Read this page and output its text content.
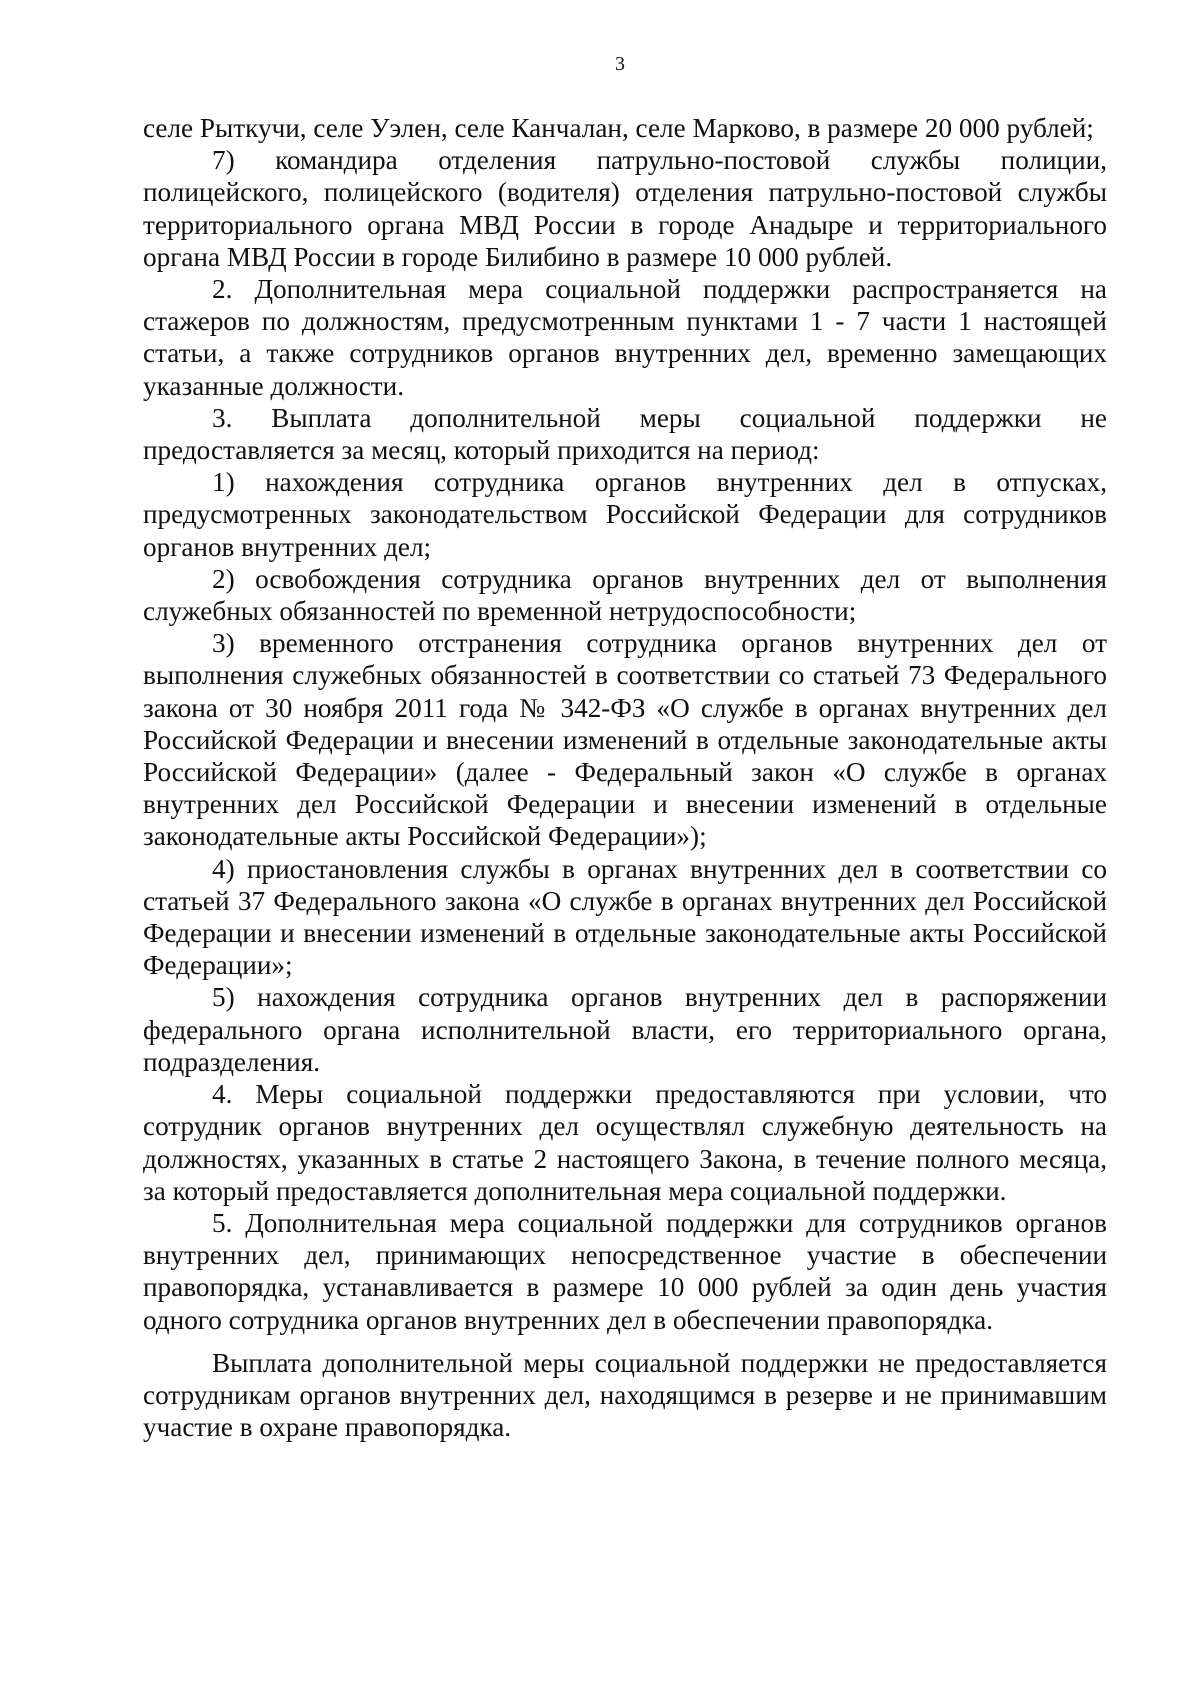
3

селе Рыткучи, селе Уэлен, селе Канчалан, селе Марково, в размере 20 000 рублей;

7) командира отделения патрульно-постовой службы полиции, полицейского, полицейского (водителя) отделения патрульно-постовой службы территориального органа МВД России в городе Анадыре и территориального органа МВД России в городе Билибино в размере 10 000 рублей.

2. Дополнительная мера социальной поддержки распространяется на стажеров по должностям, предусмотренным пунктами 1 - 7 части 1 настоящей статьи, а также сотрудников органов внутренних дел, временно замещающих указанные должности.

3. Выплата дополнительной меры социальной поддержки не предоставляется за месяц, который приходится на период:

1) нахождения сотрудника органов внутренних дел в отпусках, предусмотренных законодательством Российской Федерации для сотрудников органов внутренних дел;

2) освобождения сотрудника органов внутренних дел от выполнения служебных обязанностей по временной нетрудоспособности;

3) временного отстранения сотрудника органов внутренних дел от выполнения служебных обязанностей в соответствии со статьей 73 Федерального закона от 30 ноября 2011 года № 342-ФЗ «О службе в органах внутренних дел Российской Федерации и внесении изменений в отдельные законодательные акты Российской Федерации» (далее - Федеральный закон «О службе в органах внутренних дел Российской Федерации и внесении изменений в отдельные законодательные акты Российской Федерации»);

4) приостановления службы в органах внутренних дел в соответствии со статьей 37 Федерального закона «О службе в органах внутренних дел Российской Федерации и внесении изменений в отдельные законодательные акты Российской Федерации»;

5) нахождения сотрудника органов внутренних дел в распоряжении федерального органа исполнительной власти, его территориального органа, подразделения.

4. Меры социальной поддержки предоставляются при условии, что сотрудник органов внутренних дел осуществлял служебную деятельность на должностях, указанных в статье 2 настоящего Закона, в течение полного месяца, за который предоставляется дополнительная мера социальной поддержки.

5. Дополнительная мера социальной поддержки для сотрудников органов внутренних дел, принимающих непосредственное участие в обеспечении правопорядка, устанавливается в размере 10 000 рублей за один день участия одного сотрудника органов внутренних дел в обеспечении правопорядка.

Выплата дополнительной меры социальной поддержки не предоставляется сотрудникам органов внутренних дел, находящимся в резерве и не принимавшим участие в охране правопорядка.
